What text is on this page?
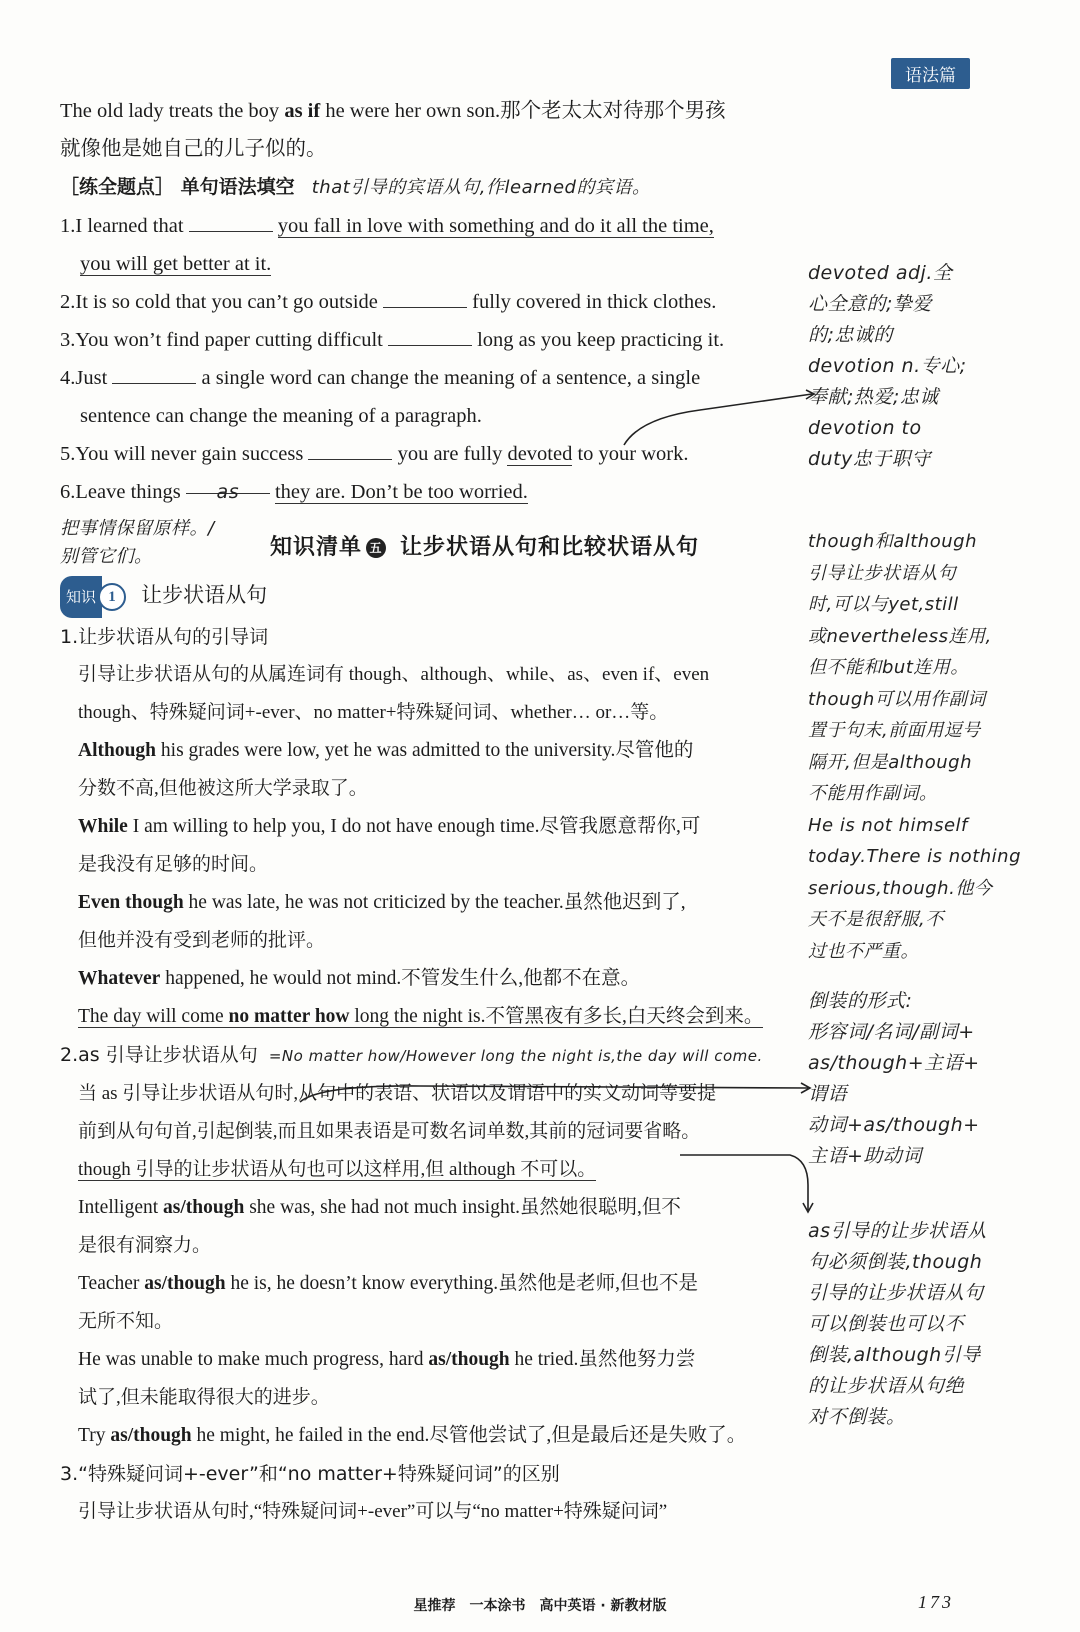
语法篇
The old lady treats the boy as if he were her own son.那个老太太对待那个男孩
就像他是她自己的儿子似的。
［练全题点］ 单句语法填空 that引导的宾语从句,作learned的宾语。
1.I learned that	you fall in love with something and do it all the time,
you will get better at it.
2.It is so cold that you can’t go outside	fully covered in thick clothes.
3.You won’t find paper cutting difficult	long as you keep practicing it.
4.Just	a single word can change the meaning of a sentence, a single
sentence can change the meaning of a paragraph.
5.You will never gain success	you are fully devoted to your work.
6.Leave things as they are. Don’t be too worried.
把事情保留原样。/
别管它们。	知识清单 五 让步状语从句和比较状语从句
知识 1 让步状语从句
1.让步状语从句的引导词
引导让步状语从句的从属连词有 though、although、while、as、even if、even
though、特殊疑问词+-ever、no matter+特殊疑问词、whether… or…等。
Although his grades were low, yet he was admitted to the university.尽管他的
分数不高,但他被这所大学录取了。
While I am willing to help you, I do not have enough time.尽管我愿意帮你,可
是我没有足够的时间。
Even though he was late, he was not criticized by the teacher.虽然他迟到了,
但他并没有受到老师的批评。
Whatever happened, he would not mind.不管发生什么,他都不在意。
The day will come no matter how long the night is.不管黑夜有多长,白天终会到来。
2.as 引导让步状语从句 =No matter how/However long the night is,the day will come.
当 as 引导让步状语从句时,从句中的表语、状语以及谓语中的实义动词等要提
前到从句句首,引起倒装,而且如果表语是可数名词单数,其前的冠词要省略。
though 引导的让步状语从句也可以这样用,但 although 不可以。
Intelligent as/though she was, she had not much insight.虽然她很聪明,但不
是很有洞察力。
Teacher as/though he is, he doesn’t know everything.虽然他是老师,但也不是
无所不知。
He was unable to make much progress, hard as/though he tried.虽然他努力尝
试了,但未能取得很大的进步。
Try as/though he might, he failed in the end.尽管他尝试了,但是最后还是失败了。
3.“特殊疑问词+-ever”和“no matter+特殊疑问词”的区别
引导让步状语从句时,“特殊疑问词+-ever”可以与“no matter+特殊疑问词”
devoted adj.全
心全意的;挚爱
的;忠诚的
devotion n.专心;
奉献;热爱;忠诚
devotion to
duty忠于职守
though和although
引导让步状语从句
时,可以与yet,still
或nevertheless连用,
但不能和but连用。
though可以用作副词
置于句末,前面用逗号
隔开,但是although
不能用作副词。
He is not himself
today.There is nothing
serious,though.他今
天不是很舒服,不
过也不严重。
倒装的形式:
形容词/名词/副词+
as/though+主语+
谓语
动词+as/though+
主语+助动词
as引导的让步状语从
句必须倒装,though
引导的让步状语从句
可以倒装也可以不
倒装,although引导
的让步状语从句绝
对不倒装。
星推荐　一本涂书　高中英语 · 新教材版	173
